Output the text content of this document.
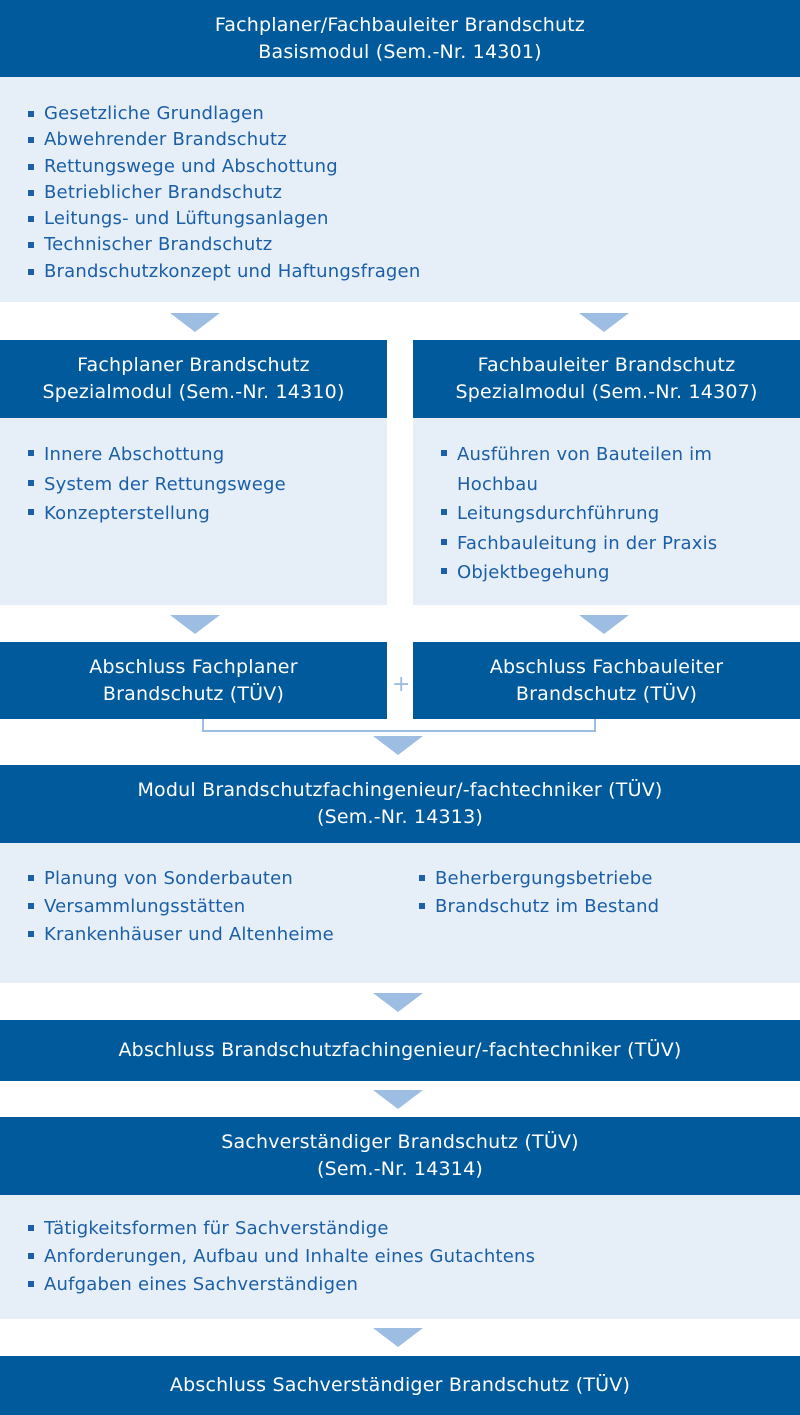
Fachplaner/Fachbauleiter Brandschutz
Basismodul (Sem.-Nr. 14301)
Gesetzliche Grundlagen
Abwehrender Brandschutz
Rettungswege und Abschottung
Betrieblicher Brandschutz
Leitungs- und Lüftungsanlagen
Technischer Brandschutz
Brandschutzkonzept und Haftungsfragen
Fachplaner Brandschutz
Spezialmodul (Sem.-Nr. 14310)
Innere Abschottung
System der Rettungswege
Konzepterstellung
Fachbauleiter Brandschutz
Spezialmodul (Sem.-Nr. 14307)
Ausführen von Bauteilen im Hochbau
Leitungsdurchführung
Fachbauleitung in der Praxis
Objektbegehung
Abschluss Fachplaner
Brandschutz (TÜV)	+
Abschluss Fachbauleiter
Brandschutz (TÜV)
Modul Brandschutzfachingenieur/-fachtechniker (TÜV)
(Sem.-Nr. 14313)
Planung von Sonderbauten
Versammlungsstätten
Krankenhäuser und Altenheime
Beherbergungsbetriebe
Brandschutz im Bestand
Abschluss Brandschutzfachingenieur/-fachtechniker (TÜV)
Sachverständiger Brandschutz (TÜV)
(Sem.-Nr. 14314)
Tätigkeitsformen für Sachverständige
Anforderungen, Aufbau und Inhalte eines Gutachtens
Aufgaben eines Sachverständigen
Abschluss Sachverständiger Brandschutz (TÜV)
